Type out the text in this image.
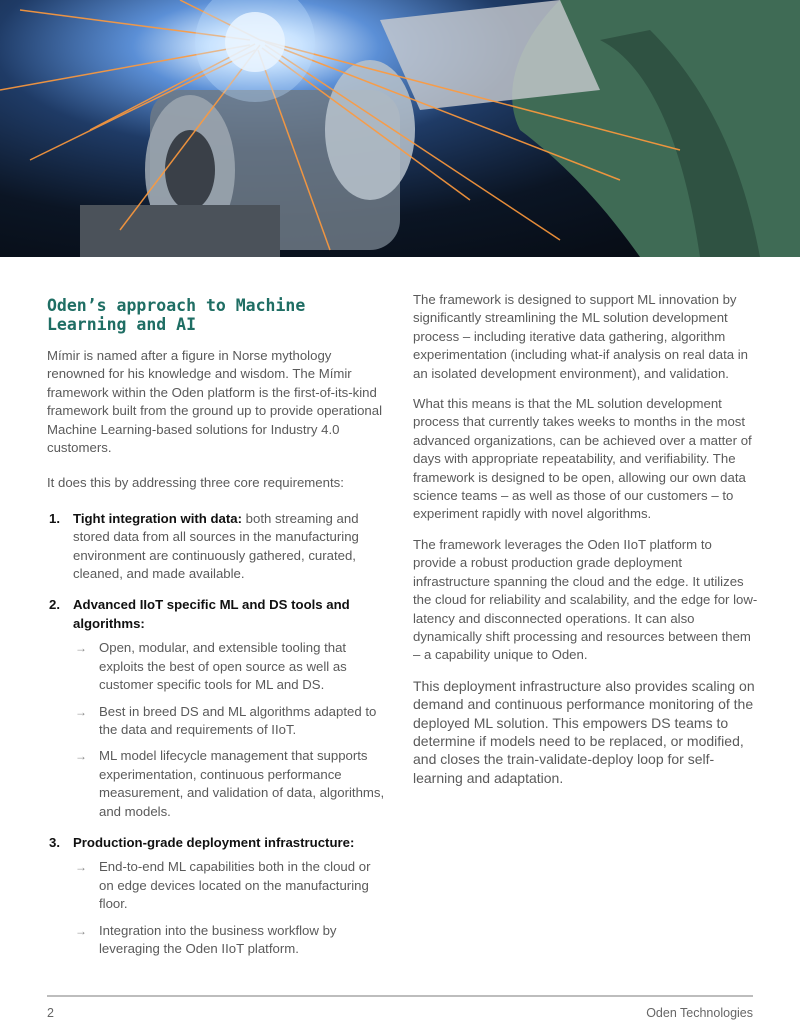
Oden’s approach to Machine Learning and AI

Mímir is named after a figure in Norse mythology renowned for his knowledge and wisdom. The Mímir framework within the Oden platform is the first-of-its-kind framework built from the ground up to provide operational Machine Learning-based solutions for Industry 4.0 customers.

It does this by addressing three core requirements:

1. Tight integration with data: both streaming and stored data from all sources in the manufacturing environment are continuously gathered, curated, cleaned, and made available.
2. Advanced IIoT specific ML and DS tools and algorithms:
→ Open, modular, and extensible tooling that exploits the best of open source as well as customer specific tools for ML and DS.
→ Best in breed DS and ML algorithms adapted to the data and requirements of IIoT.
→ ML model lifecycle management that supports experimentation, continuous performance measurement, and validation of data, algorithms, and models.
3. Production-grade deployment infrastructure:
→ End-to-end ML capabilities both in the cloud or on edge devices located on the manufacturing floor.
→ Integration into the business workflow by leveraging the Oden IIoT platform.

The framework is designed to support ML innovation by significantly streamlining the ML solution development process – including iterative data gathering, algorithm experimentation (including what-if analysis on real data in an isolated development environment), and validation.

What this means is that the ML solution development process that currently takes weeks to months in the most advanced organizations, can be achieved over a matter of days with appropriate repeatability, and verifiability. The framework is designed to be open, allowing our own data science teams – as well as those of our customers – to experiment rapidly with novel algorithms.

The framework leverages the Oden IIoT platform to provide a robust production grade deployment infrastructure spanning the cloud and the edge. It utilizes the cloud for reliability and scalability, and the edge for low-latency and disconnected operations. It can also dynamically shift processing and resources between them – a capability unique to Oden.

This deployment infrastructure also provides scaling on demand and continuous performance monitoring of the deployed ML solution. This empowers DS teams to determine if models need to be replaced, or modified, and closes the train-validate-deploy loop for self-learning and adaptation.

2	Oden Technologies
